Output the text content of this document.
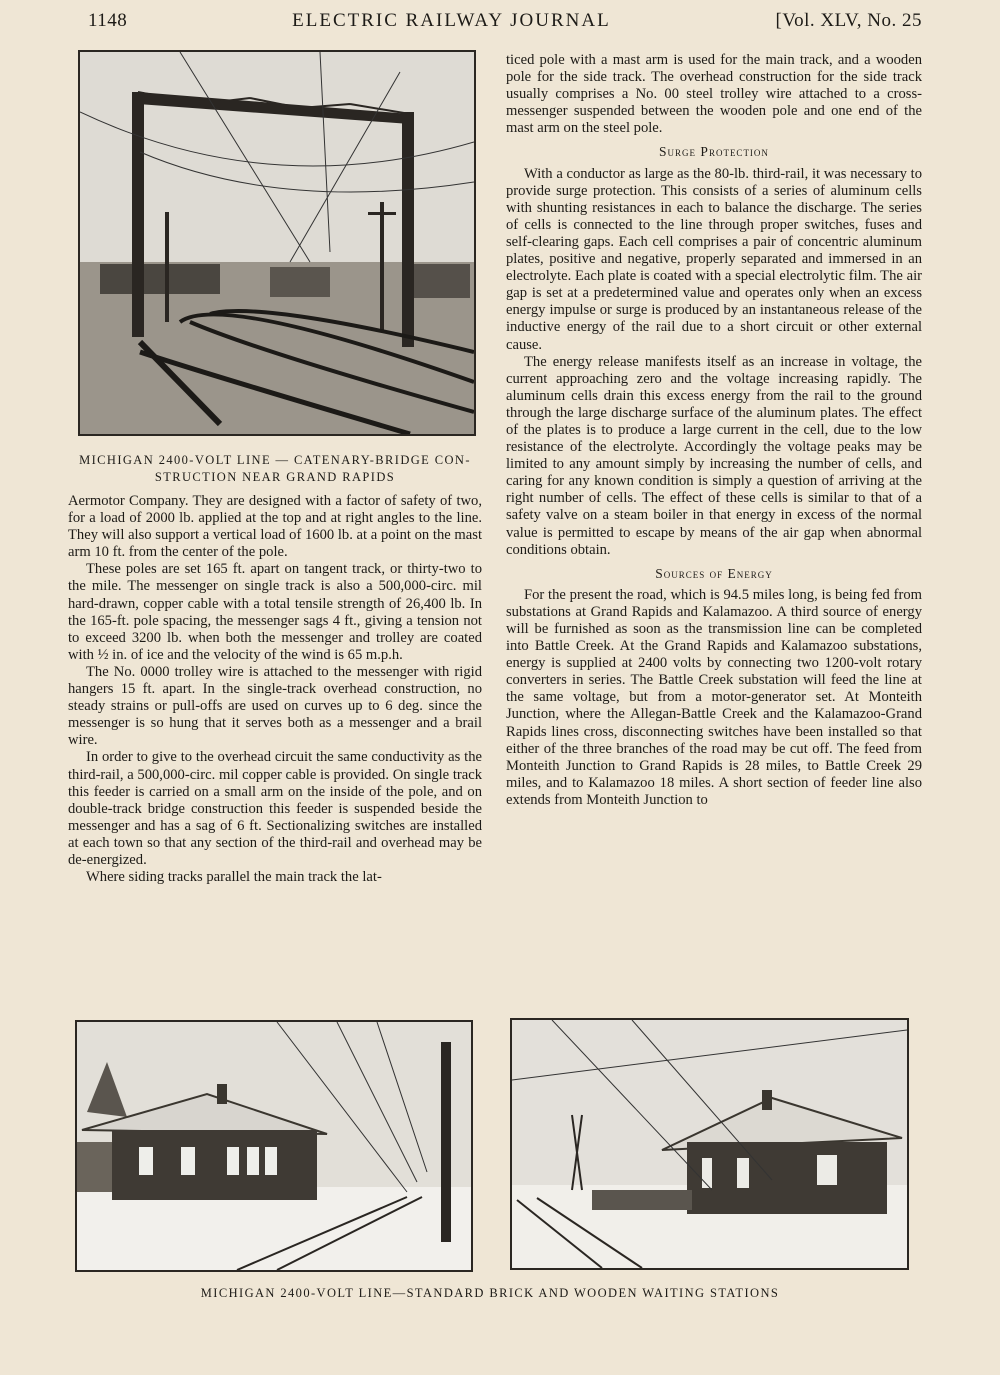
1148	ELECTRIC RAILWAY JOURNAL	[Vol. XLV, No. 25
MICHIGAN 2400-VOLT LINE — CATENARY-BRIDGE CON-
STRUCTION NEAR GRAND RAPIDS

Aermotor Company. They are designed with a factor of safety of two, for a load of 2000 lb. applied at the top and at right angles to the line. They will also support a vertical load of 1600 lb. at a point on the mast arm 10 ft. from the center of the pole.

These poles are set 165 ft. apart on tangent track, or thirty-two to the mile. The messenger on single track is also a 500,000-circ. mil hard-drawn, copper cable with a total tensile strength of 26,400 lb. In the 165-ft. pole spacing, the messenger sags 4 ft., giving a tension not to exceed 3200 lb. when both the messenger and trolley are coated with ½ in. of ice and the velocity of the wind is 65 m.p.h.

The No. 0000 trolley wire is attached to the messenger with rigid hangers 15 ft. apart. In the single-track overhead construction, no steady strains or pull-offs are used on curves up to 6 deg. since the messenger is so hung that it serves both as a messenger and a brail wire.

In order to give to the overhead circuit the same conductivity as the third-rail, a 500,000-circ. mil copper cable is provided. On single track this feeder is carried on a small arm on the inside of the pole, and on double-track bridge construction this feeder is suspended beside the messenger and has a sag of 6 ft. Sectionalizing switches are installed at each town so that any section of the third-rail and overhead may be de-energized.

Where siding tracks parallel the main track the lat-

ticed pole with a mast arm is used for the main track, and a wooden pole for the side track. The overhead construction for the side track usually comprises a No. 00 steel trolley wire attached to a cross-messenger suspended between the wooden pole and one end of the mast arm on the steel pole.

Surge Protection

With a conductor as large as the 80-lb. third-rail, it was necessary to provide surge protection. This consists of a series of aluminum cells with shunting resistances in each to balance the discharge. The series of cells is connected to the line through proper switches, fuses and self-clearing gaps. Each cell comprises a pair of concentric aluminum plates, positive and negative, properly separated and immersed in an electrolyte. Each plate is coated with a special electrolytic film. The air gap is set at a predetermined value and operates only when an excess energy impulse or surge is produced by an instantaneous release of the inductive energy of the rail due to a short circuit or other external cause.

The energy release manifests itself as an increase in voltage, the current approaching zero and the voltage increasing rapidly. The aluminum cells drain this excess energy from the rail to the ground through the large discharge surface of the aluminum plates. The effect of the plates is to produce a large current in the cell, due to the low resistance of the electrolyte. Accordingly the voltage peaks may be limited to any amount simply by increasing the number of cells, and caring for any known condition is simply a question of arriving at the right number of cells. The effect of these cells is similar to that of a safety valve on a steam boiler in that energy in excess of the normal value is permitted to escape by means of the air gap when abnormal conditions obtain.

Sources of Energy

For the present the road, which is 94.5 miles long, is being fed from substations at Grand Rapids and Kalamazoo. A third source of energy will be furnished as soon as the transmission line can be completed into Battle Creek. At the Grand Rapids and Kalamazoo substations, energy is supplied at 2400 volts by connecting two 1200-volt rotary converters in series. The Battle Creek substation will feed the line at the same voltage, but from a motor-generator set. At Monteith Junction, where the Allegan-Battle Creek and the Kalamazoo-Grand Rapids lines cross, disconnecting switches have been installed so that either of the three branches of the road may be cut off. The feed from Monteith Junction to Grand Rapids is 28 miles, to Battle Creek 29 miles, and to Kalamazoo 18 miles. A short section of feeder line also extends from Monteith Junction to

MICHIGAN 2400-VOLT LINE—STANDARD BRICK AND WOODEN WAITING STATIONS
